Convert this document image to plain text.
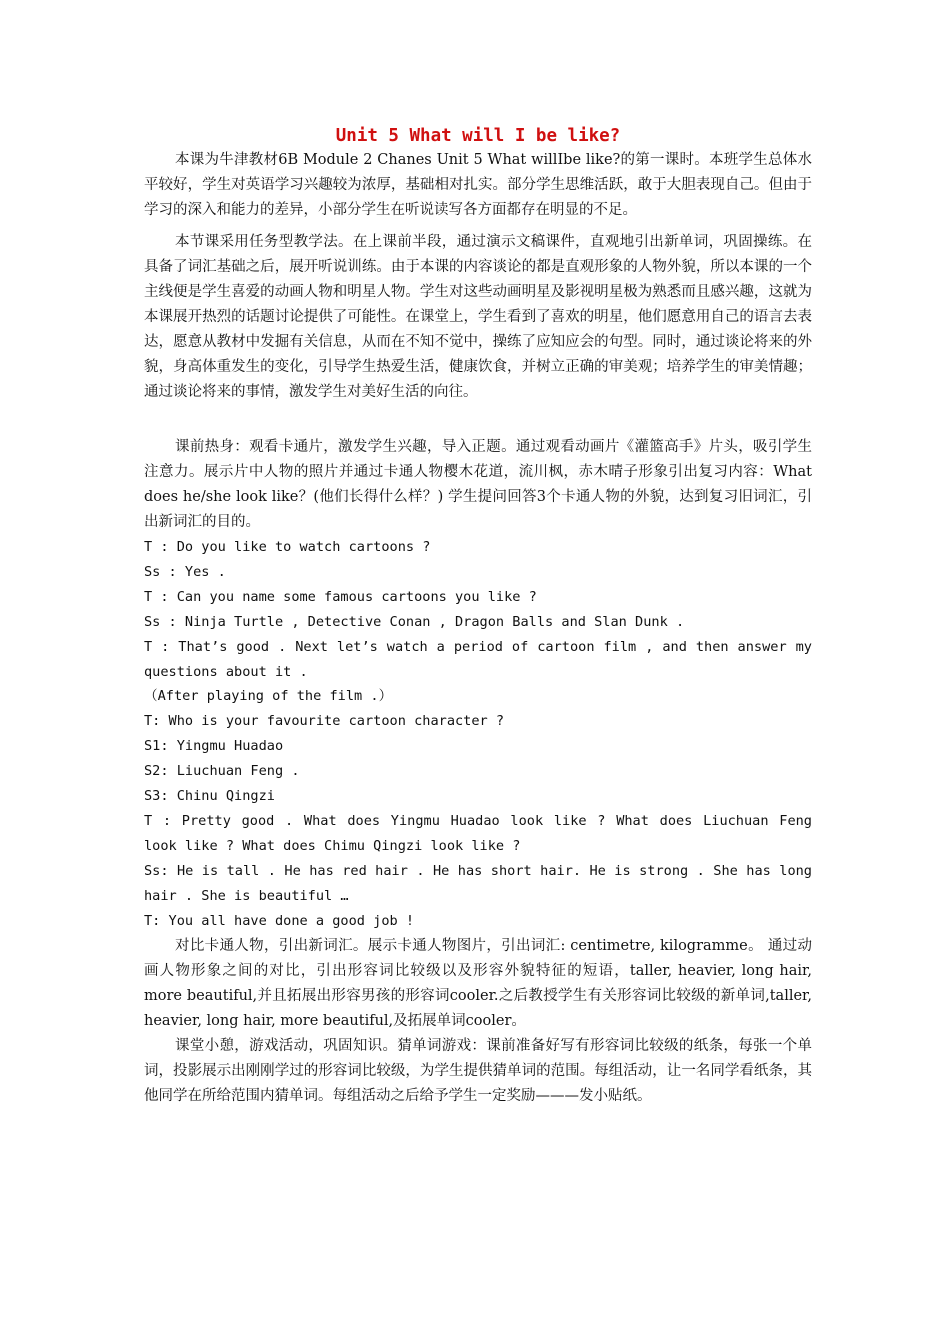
Unit 5 What will I be like?

本课为牛津教材6B Module 2 Chanes Unit 5 What willIbe like?的第一课时。本班学生总体水平较好，学生对英语学习兴趣较为浓厚，基础相对扎实。部分学生思维活跃，敢于大胆表现自己。但由于学习的深入和能力的差异，小部分学生在听说读写各方面都存在明显的不足。

本节课采用任务型教学法。在上课前半段，通过演示文稿课件，直观地引出新单词，巩固操练。在具备了词汇基础之后，展开听说训练。由于本课的内容谈论的都是直观形象的人物外貌，所以本课的一个主线便是学生喜爱的动画人物和明星人物。学生对这些动画明星及影视明星极为熟悉而且感兴趣，这就为本课展开热烈的话题讨论提供了可能性。在课堂上，学生看到了喜欢的明星，他们愿意用自己的语言去表达，愿意从教材中发掘有关信息，从而在不知不觉中，操练了应知应会的句型。同时，通过谈论将来的外貌，身高体重发生的变化，引导学生热爱生活，健康饮食，并树立正确的审美观；培养学生的审美情趣；通过谈论将来的事情，激发学生对美好生活的向往。

课前热身：观看卡通片，激发学生兴趣，导入正题。通过观看动画片《灌篮高手》片头，吸引学生注意力。展示片中人物的照片并通过卡通人物樱木花道，流川枫，赤木晴子形象引出复习内容：What does he/she look like？(他们长得什么样？) 学生提问回答3个卡通人物的外貌，达到复习旧词汇，引出新词汇的目的。

T : Do you like to watch cartoons ?

Ss : Yes .

T : Can you name some famous cartoons you like ?

Ss : Ninja Turtle , Detective Conan , Dragon Balls and Slan Dunk .

T : That’s good . Next let’s watch a period of cartoon film , and then answer my questions about it .

（After playing of the film .）

T: Who is your favourite cartoon character ?

S1: Yingmu Huadao

S2: Liuchuan Feng .

S3: Chinu Qingzi

T : Pretty good . What does Yingmu Huadao look like ? What does Liuchuan Feng look like ? What does Chimu Qingzi look like ?

Ss: He is tall . He has red hair . He has short hair. He is strong . She has long hair . She is beautiful …

T: You all have done a good job !

对比卡通人物，引出新词汇。展示卡通人物图片，引出词汇: centimetre, kilogramme。 通过动画人物形象之间的对比，引出形容词比较级以及形容外貌特征的短语，taller, heavier, long hair, more beautiful,并且拓展出形容男孩的形容词cooler.之后教授学生有关形容词比较级的新单词,taller, heavier, long hair, more beautiful,及拓展单词cooler。

课堂小憩，游戏活动，巩固知识。猜单词游戏：课前准备好写有形容词比较级的纸条，每张一个单词，投影展示出刚刚学过的形容词比较级，为学生提供猜单词的范围。每组活动，让一名同学看纸条，其他同学在所给范围内猜单词。每组活动之后给予学生一定奖励———发小贴纸。
